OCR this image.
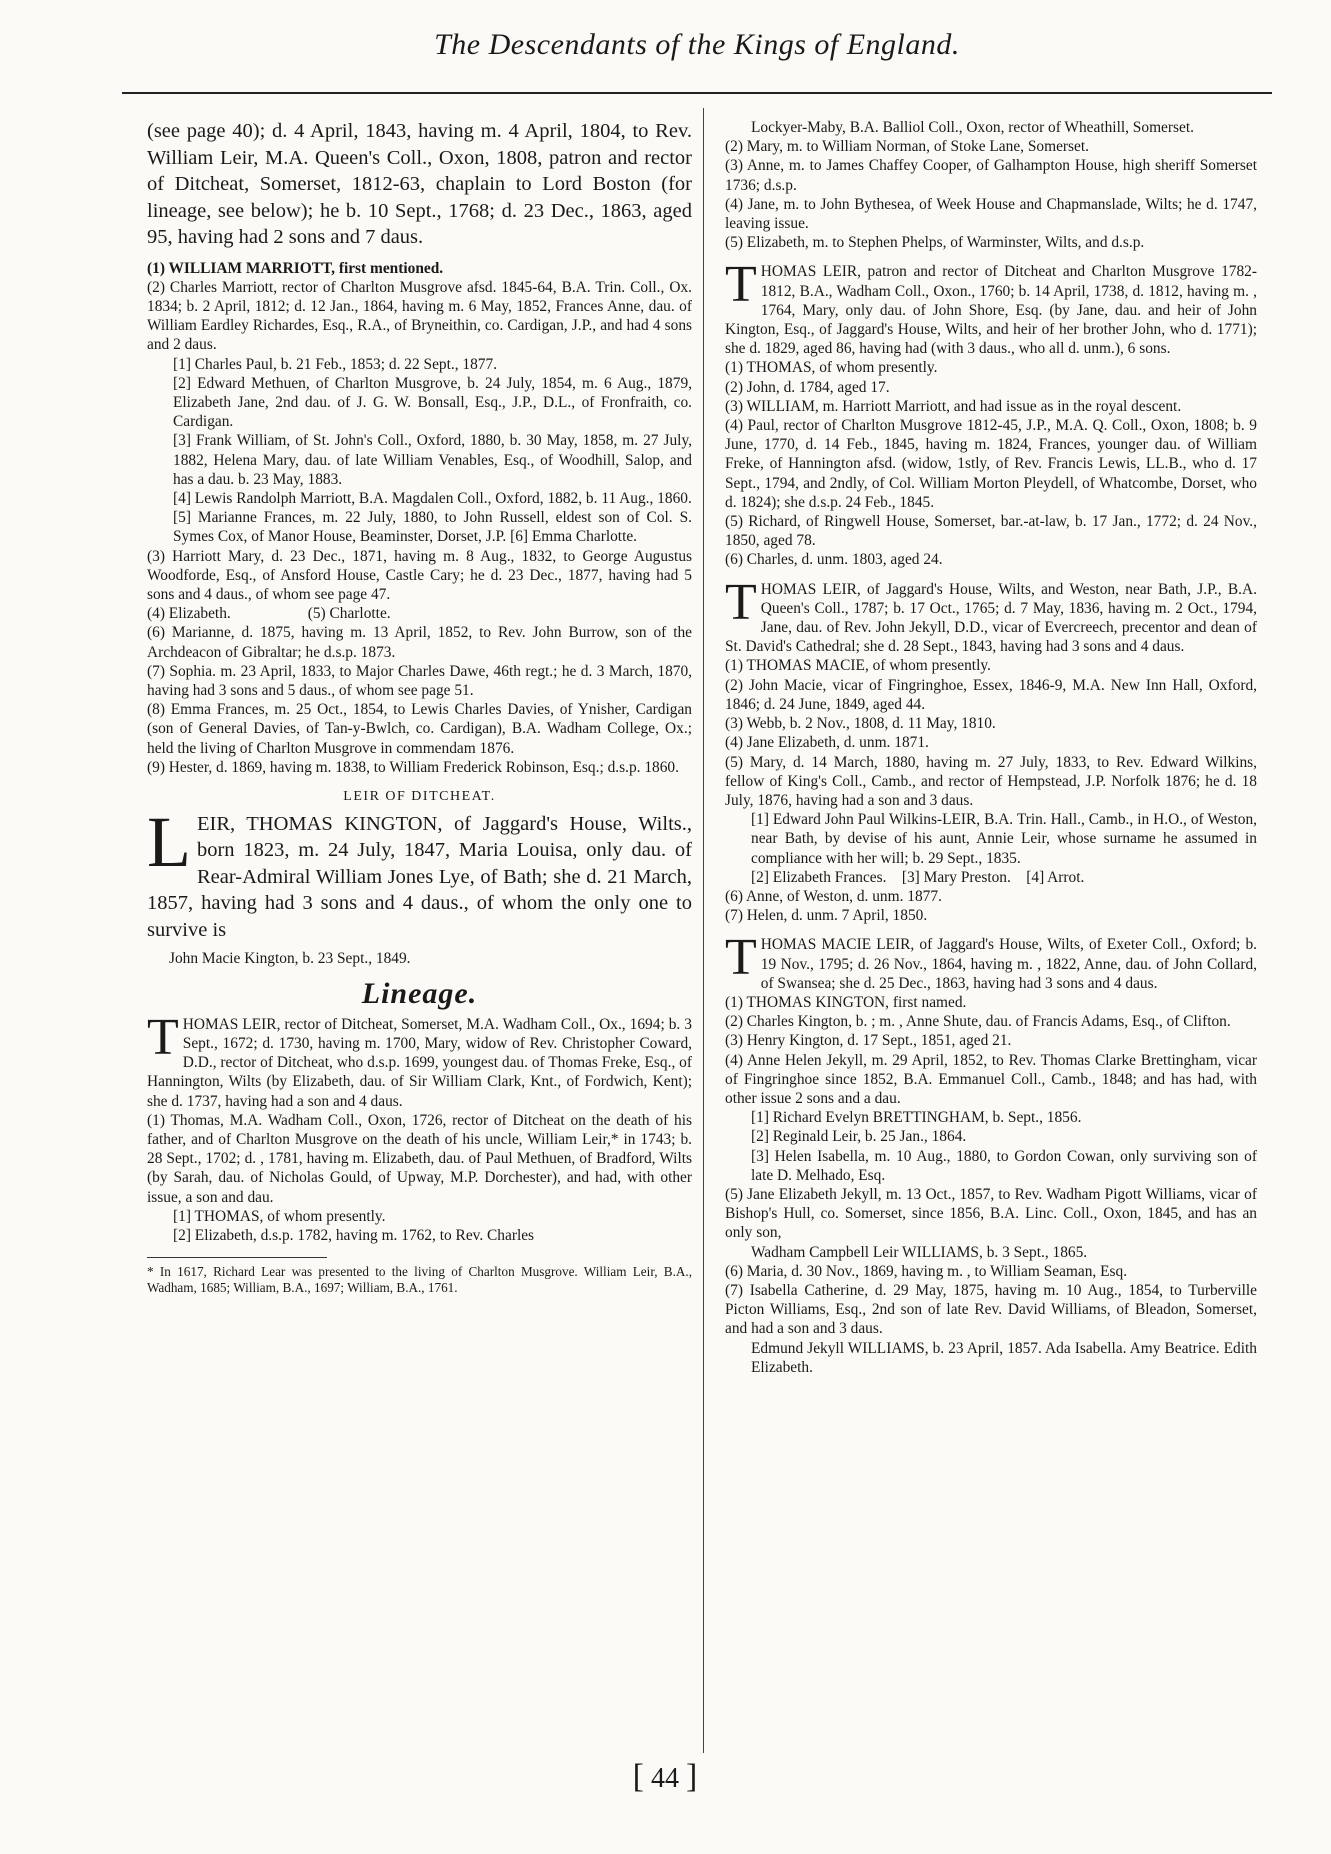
The Descendants of the Kings of England.

(see page 40); d. 4 April, 1843, having m. 4 April, 1804, to Rev. William Leir, M.A. Queen's Coll., Oxon, 1808, patron and rector of Ditcheat, Somerset, 1812-63, chaplain to Lord Boston (for lineage, see below); he b. 10 Sept., 1768; d. 23 Dec., 1863, aged 95, having had 2 sons and 7 daus.

(1) WILLIAM MARRIOTT, first mentioned.

(2) Charles Marriott, rector of Charlton Musgrove afsd. 1845-64, B.A. Trin. Coll., Ox. 1834; b. 2 April, 1812; d. 12 Jan., 1864, having m. 6 May, 1852, Frances Anne, dau. of William Eardley Richardes, Esq., R.A., of Bryneithin, co. Cardigan, J.P., and had 4 sons and 2 daus.

[1] Charles Paul, b. 21 Feb., 1853; d. 22 Sept., 1877.

[2] Edward Methuen, of Charlton Musgrove, b. 24 July, 1854, m. 6 Aug., 1879, Elizabeth Jane, 2nd dau. of J. G. W. Bonsall, Esq., J.P., D.L., of Fronfraith, co. Cardigan.

[3] Frank William, of St. John's Coll., Oxford, 1880, b. 30 May, 1858, m. 27 July, 1882, Helena Mary, dau. of late William Venables, Esq., of Woodhill, Salop, and has a dau. b. 23 May, 1883.

[4] Lewis Randolph Marriott, B.A. Magdalen Coll., Oxford, 1882, b. 11 Aug., 1860.

[5] Marianne Frances, m. 22 July, 1880, to John Russell, eldest son of Col. S. Symes Cox, of Manor House, Beaminster, Dorset, J.P. [6] Emma Charlotte.

(3) Harriott Mary, d. 23 Dec., 1871, having m. 8 Aug., 1832, to George Augustus Woodforde, Esq., of Ansford House, Castle Cary; he d. 23 Dec., 1877, having had 5 sons and 4 daus., of whom see page 47.

(4) Elizabeth.                    (5) Charlotte.

(6) Marianne, d. 1875, having m. 13 April, 1852, to Rev. John Burrow, son of the Archdeacon of Gibraltar; he d.s.p. 1873.

(7) Sophia. m. 23 April, 1833, to Major Charles Dawe, 46th regt.; he d. 3 March, 1870, having had 3 sons and 5 daus., of whom see page 51.

(8) Emma Frances, m. 25 Oct., 1854, to Lewis Charles Davies, of Ynisher, Cardigan (son of General Davies, of Tan-y-Bwlch, co. Cardigan), B.A. Wadham College, Ox.; held the living of Charlton Musgrove in commendam 1876.

(9) Hester, d. 1869, having m. 1838, to William Frederick Robinson, Esq.; d.s.p. 1860.

LEIR OF DITCHEAT.

LEIR, THOMAS KINGTON, of Jaggard's House, Wilts., born 1823, m. 24 July, 1847, Maria Louisa, only dau. of Rear-Admiral William Jones Lye, of Bath; she d. 21 March, 1857, having had 3 sons and 4 daus., of whom the only one to survive is

John Macie Kington, b. 23 Sept., 1849.

Lineage.

THOMAS LEIR, rector of Ditcheat, Somerset, M.A. Wadham Coll., Ox., 1694; b. 3 Sept., 1672; d. 1730, having m. 1700, Mary, widow of Rev. Christopher Coward, D.D., rector of Ditcheat, who d.s.p. 1699, youngest dau. of Thomas Freke, Esq., of Hannington, Wilts (by Elizabeth, dau. of Sir William Clark, Knt., of Fordwich, Kent); she d. 1737, having had a son and 4 daus.

(1) Thomas, M.A. Wadham Coll., Oxon, 1726, rector of Ditcheat on the death of his father, and of Charlton Musgrove on the death of his uncle, William Leir,* in 1743; b. 28 Sept., 1702; d. , 1781, having m. Elizabeth, dau. of Paul Methuen, of Bradford, Wilts (by Sarah, dau. of Nicholas Gould, of Upway, M.P. Dorchester), and had, with other issue, a son and dau.

[1] THOMAS, of whom presently.

[2] Elizabeth, d.s.p. 1782, having m. 1762, to Rev. Charles

* In 1617, Richard Lear was presented to the living of Charlton Musgrove. William Leir, B.A., Wadham, 1685; William, B.A., 1697; William, B.A., 1761.

Lockyer-Maby, B.A. Balliol Coll., Oxon, rector of Wheathill, Somerset.

(2) Mary, m. to William Norman, of Stoke Lane, Somerset.

(3) Anne, m. to James Chaffey Cooper, of Galhampton House, high sheriff Somerset 1736; d.s.p.

(4) Jane, m. to John Bythesea, of Week House and Chapmanslade, Wilts; he d. 1747, leaving issue.

(5) Elizabeth, m. to Stephen Phelps, of Warminster, Wilts, and d.s.p.

THOMAS LEIR, patron and rector of Ditcheat and Charlton Musgrove 1782-1812, B.A., Wadham Coll., Oxon., 1760; b. 14 April, 1738, d. 1812, having m. , 1764, Mary, only dau. of John Shore, Esq. (by Jane, dau. and heir of John Kington, Esq., of Jaggard's House, Wilts, and heir of her brother John, who d. 1771); she d. 1829, aged 86, having had (with 3 daus., who all d. unm.), 6 sons.

(1) THOMAS, of whom presently.

(2) John, d. 1784, aged 17.

(3) WILLIAM, m. Harriott Marriott, and had issue as in the royal descent.

(4) Paul, rector of Charlton Musgrove 1812-45, J.P., M.A. Q. Coll., Oxon, 1808; b. 9 June, 1770, d. 14 Feb., 1845, having m. 1824, Frances, younger dau. of William Freke, of Hannington afsd. (widow, 1stly, of Rev. Francis Lewis, LL.B., who d. 17 Sept., 1794, and 2ndly, of Col. William Morton Pleydell, of Whatcombe, Dorset, who d. 1824); she d.s.p. 24 Feb., 1845.

(5) Richard, of Ringwell House, Somerset, bar.-at-law, b. 17 Jan., 1772; d. 24 Nov., 1850, aged 78.

(6) Charles, d. unm. 1803, aged 24.

THOMAS LEIR, of Jaggard's House, Wilts, and Weston, near Bath, J.P., B.A. Queen's Coll., 1787; b. 17 Oct., 1765; d. 7 May, 1836, having m. 2 Oct., 1794, Jane, dau. of Rev. John Jekyll, D.D., vicar of Evercreech, precentor and dean of St. David's Cathedral; she d. 28 Sept., 1843, having had 3 sons and 4 daus.

(1) THOMAS MACIE, of whom presently.

(2) John Macie, vicar of Fingringhoe, Essex, 1846-9, M.A. New Inn Hall, Oxford, 1846; d. 24 June, 1849, aged 44.

(3) Webb, b. 2 Nov., 1808, d. 11 May, 1810.

(4) Jane Elizabeth, d. unm. 1871.

(5) Mary, d. 14 March, 1880, having m. 27 July, 1833, to Rev. Edward Wilkins, fellow of King's Coll., Camb., and rector of Hempstead, J.P. Norfolk 1876; he d. 18 July, 1876, having had a son and 3 daus.

[1] Edward John Paul Wilkins-LEIR, B.A. Trin. Hall., Camb., in H.O., of Weston, near Bath, by devise of his aunt, Annie Leir, whose surname he assumed in compliance with her will; b. 29 Sept., 1835.

[2] Elizabeth Frances.    [3] Mary Preston.    [4] Arrot.

(6) Anne, of Weston, d. unm. 1877.

(7) Helen, d. unm. 7 April, 1850.

THOMAS MACIE LEIR, of Jaggard's House, Wilts, of Exeter Coll., Oxford; b. 19 Nov., 1795; d. 26 Nov., 1864, having m. , 1822, Anne, dau. of John Collard, of Swansea; she d. 25 Dec., 1863, having had 3 sons and 4 daus.

(1) THOMAS KINGTON, first named.

(2) Charles Kington, b. ; m. , Anne Shute, dau. of Francis Adams, Esq., of Clifton.

(3) Henry Kington, d. 17 Sept., 1851, aged 21.

(4) Anne Helen Jekyll, m. 29 April, 1852, to Rev. Thomas Clarke Brettingham, vicar of Fingringhoe since 1852, B.A. Emmanuel Coll., Camb., 1848; and has had, with other issue 2 sons and a dau.

[1] Richard Evelyn BRETTINGHAM, b. Sept., 1856.

[2] Reginald Leir, b. 25 Jan., 1864.

[3] Helen Isabella, m. 10 Aug., 1880, to Gordon Cowan, only surviving son of late D. Melhado, Esq.

(5) Jane Elizabeth Jekyll, m. 13 Oct., 1857, to Rev. Wadham Pigott Williams, vicar of Bishop's Hull, co. Somerset, since 1856, B.A. Linc. Coll., Oxon, 1845, and has an only son,

Wadham Campbell Leir WILLIAMS, b. 3 Sept., 1865.

(6) Maria, d. 30 Nov., 1869, having m. , to William Seaman, Esq.

(7) Isabella Catherine, d. 29 May, 1875, having m. 10 Aug., 1854, to Turberville Picton Williams, Esq., 2nd son of late Rev. David Williams, of Bleadon, Somerset, and had a son and 3 daus.

Edmund Jekyll WILLIAMS, b. 23 April, 1857. Ada Isabella. Amy Beatrice. Edith Elizabeth.

[ 44 ]
